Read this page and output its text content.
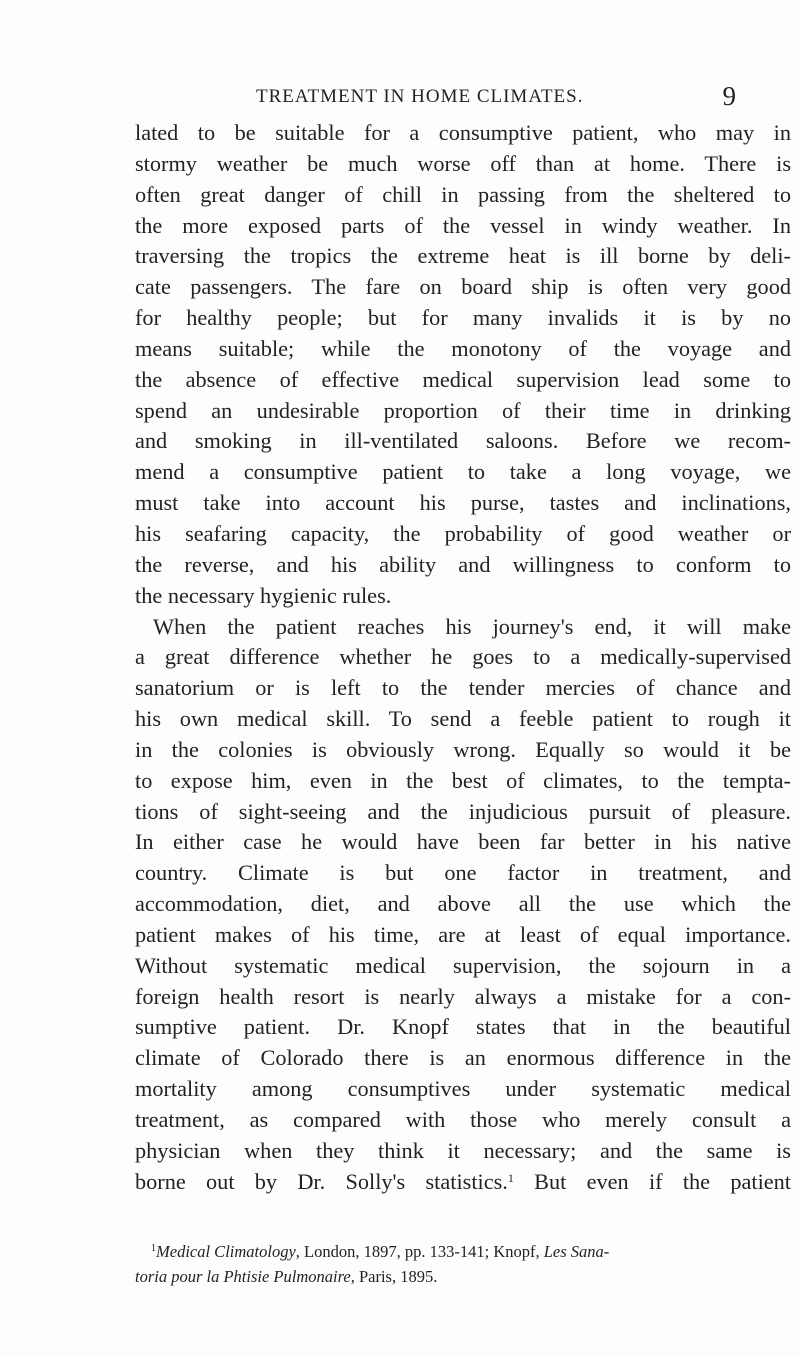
TREATMENT IN HOME CLIMATES.	9
lated to be suitable for a consumptive patient, who may in
stormy weather be much worse off than at home. There is
often great danger of chill in passing from the sheltered to
the more exposed parts of the vessel in windy weather. In
traversing the tropics the extreme heat is ill borne by deli-
cate passengers. The fare on board ship is often very good
for healthy people; but for many invalids it is by no
means suitable; while the monotony of the voyage and
the absence of effective medical supervision lead some to
spend an undesirable proportion of their time in drinking
and smoking in ill-ventilated saloons. Before we recom-
mend a consumptive patient to take a long voyage, we
must take into account his purse, tastes and inclinations,
his seafaring capacity, the probability of good weather or
the reverse, and his ability and willingness to conform to
the necessary hygienic rules.
When the patient reaches his journey's end, it will make
a great difference whether he goes to a medically-supervised
sanatorium or is left to the tender mercies of chance and
his own medical skill. To send a feeble patient to rough it
in the colonies is obviously wrong. Equally so would it be
to expose him, even in the best of climates, to the tempta-
tions of sight-seeing and the injudicious pursuit of pleasure.
In either case he would have been far better in his native
country. Climate is but one factor in treatment, and
accommodation, diet, and above all the use which the
patient makes of his time, are at least of equal importance.
Without systematic medical supervision, the sojourn in a
foreign health resort is nearly always a mistake for a con-
sumptive patient. Dr. Knopf states that in the beautiful
climate of Colorado there is an enormous difference in the
mortality among consumptives under systematic medical
treatment, as compared with those who merely consult a
physician when they think it necessary; and the same is
borne out by Dr. Solly's statistics.$^1$ But even if the patient
$^1$Medical Climatology, London, 1897, pp. 133-141; Knopf, Les Sana-
toria pour la Phtisie Pulmonaire, Paris, 1895.
